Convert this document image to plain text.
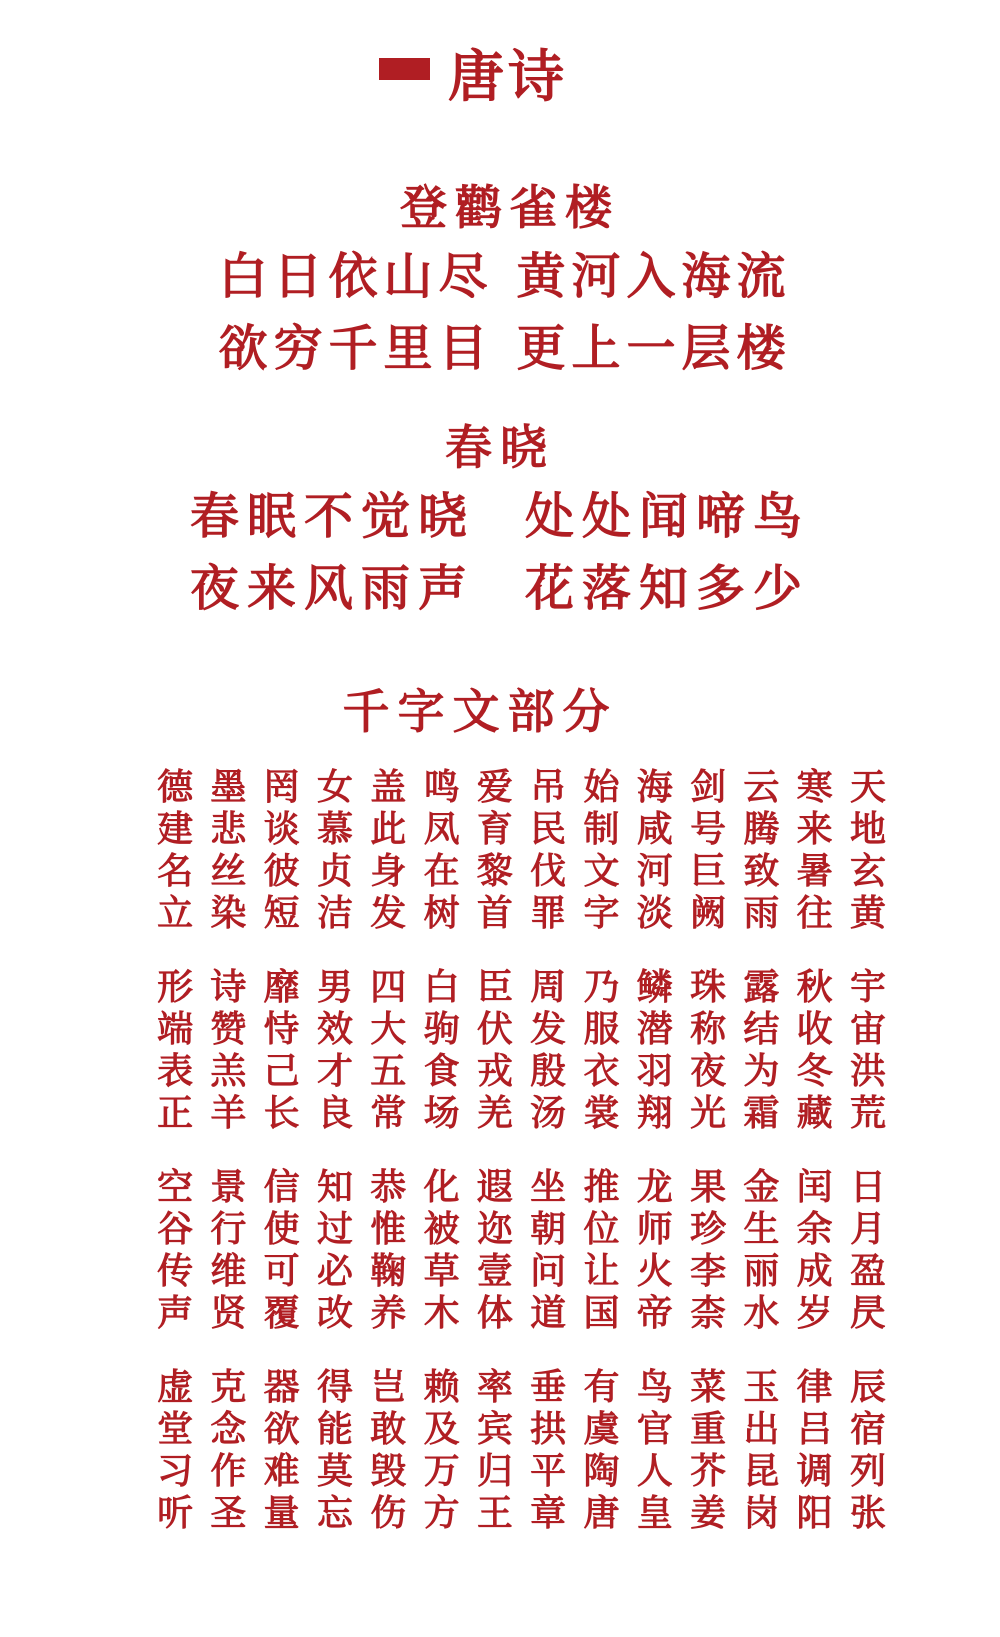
唐诗
登鹳雀楼
白日依山尽 黄河入海流
欲穷千里目 更上一层楼
春晓
春眠不觉晓  处处闻啼鸟
夜来风雨声  花落知多少
千字文部分
天
地
玄
黄
寒
来
暑
往
云
腾
致
雨
剑
号
巨
阙
海
咸
河
淡
始
制
文
字
吊
民
伐
罪
爱
育
黎
首
鸣
凤
在
树
盖
此
身
发
女
慕
贞
洁
罔
谈
彼
短
墨
悲
丝
染
德
建
名
立
宇
宙
洪
荒
秋
收
冬
藏
露
结
为
霜
珠
称
夜
光
鳞
潜
羽
翔
乃
服
衣
裳
周
发
殷
汤
臣
伏
戎
羌
白
驹
食
场
四
大
五
常
男
效
才
良
靡
恃
己
长
诗
赞
羔
羊
形
端
表
正
日
月
盈
昃
闰
余
成
岁
金
生
丽
水
果
珍
李
柰
龙
师
火
帝
推
位
让
国
坐
朝
问
道
遐
迩
壹
体
化
被
草
木
恭
惟
鞠
养
知
过
必
改
信
使
可
覆
景
行
维
贤
空
谷
传
声
辰
宿
列
张
律
吕
调
阳
玉
出
昆
岗
菜
重
芥
姜
鸟
官
人
皇
有
虞
陶
唐
垂
拱
平
章
率
宾
归
王
赖
及
万
方
岂
敢
毁
伤
得
能
莫
忘
器
欲
难
量
克
念
作
圣
虚
堂
习
听
